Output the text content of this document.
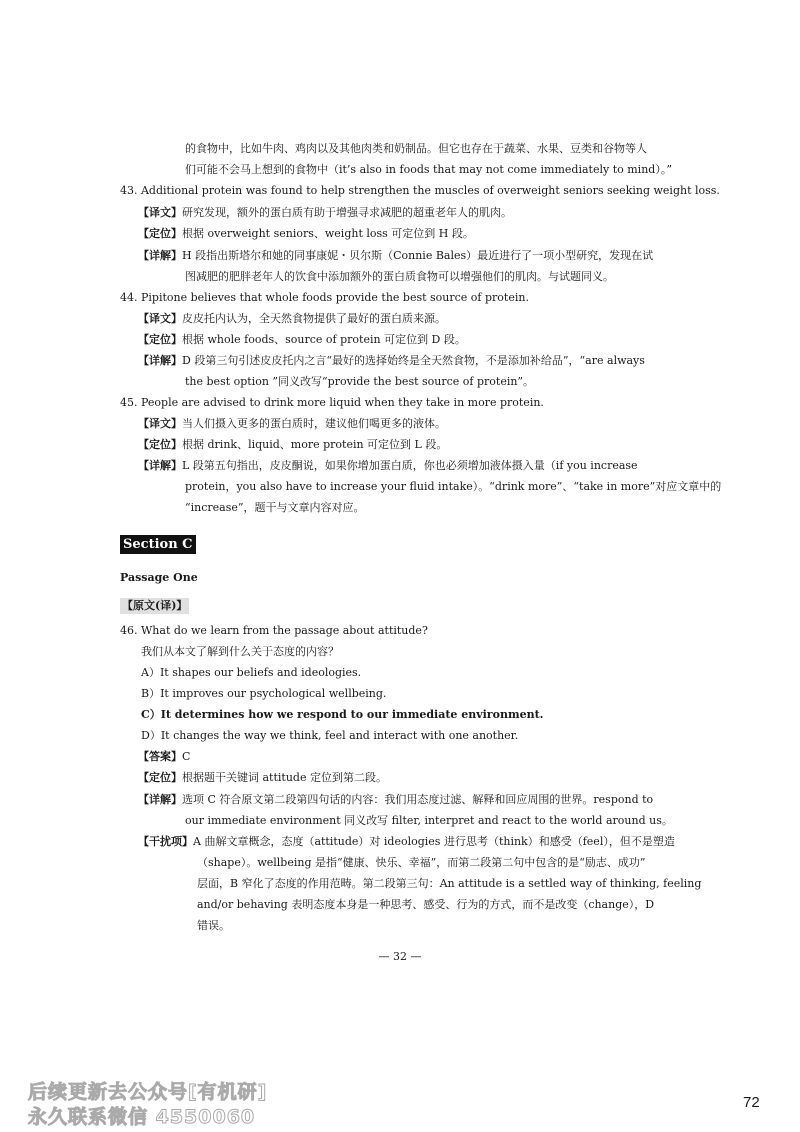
的食物中，比如牛肉、鸡肉以及其他肉类和奶制品。但它也存在于蔬菜、水果、豆类和谷物等人
们可能不会马上想到的食物中（it’s also in foods that may not come immediately to mind）。”
43. Additional protein was found to help strengthen the muscles of overweight seniors seeking weight loss.
【译文】研究发现，额外的蛋白质有助于增强寻求减肥的超重老年人的肌肉。
【定位】根据 overweight seniors、weight loss 可定位到 H 段。
【详解】H 段指出斯塔尔和她的同事康妮・贝尔斯（Connie Bales）最近进行了一项小型研究，发现在试
图减肥的肥胖老年人的饮食中添加额外的蛋白质食物可以增强他们的肌肉。与试题同义。
44. Pipitone believes that whole foods provide the best source of protein.
【译文】皮皮托内认为，全天然食物提供了最好的蛋白质来源。
【定位】根据 whole foods、source of protein 可定位到 D 段。
【详解】D 段第三句引述皮皮托内之言“最好的选择始终是全天然食物，不是添加补给品”，“are always
the best option ”同义改写“provide the best source of protein”。
45. People are advised to drink more liquid when they take in more protein.
【译文】当人们摄入更多的蛋白质时，建议他们喝更多的液体。
【定位】根据 drink、liquid、more protein 可定位到 L 段。
【详解】L 段第五句指出，皮皮酮说，如果你增加蛋白质，你也必须增加液体摄入量（if you increase
protein，you also have to increase your fluid intake）。“drink more”、“take in more”对应文章中的
“increase”，题干与文章内容对应。
Section C
Passage One
【原文(译)】
46. What do we learn from the passage about attitude?
我们从本文了解到什么关于态度的内容？
A）It shapes our beliefs and ideologies.
B）It improves our psychological wellbeing.
C）It determines how we respond to our immediate environment.
D）It changes the way we think, feel and interact with one another.
【答案】C
【定位】根据题干关键词 attitude 定位到第二段。
【详解】选项 C 符合原文第二段第四句话的内容：我们用态度过滤、解释和回应周围的世界。respond to
our immediate environment 同义改写 filter, interpret and react to the world around us。
【干扰项】A 曲解文章概念，态度（attitude）对 ideologies 进行思考（think）和感受（feel），但不是塑造
（shape）。wellbeing 是指“健康、快乐、幸福”，而第二段第二句中包含的是“励志、成功”
层面，B 窄化了态度的作用范畴。第二段第三句：An attitude is a settled way of thinking, feeling
and/or behaving 表明态度本身是一种思考、感受、行为的方式，而不是改变（change），D
错误。
— 32 —
后续更新去公众号[有机研]
永久联系微信 4550060
72
